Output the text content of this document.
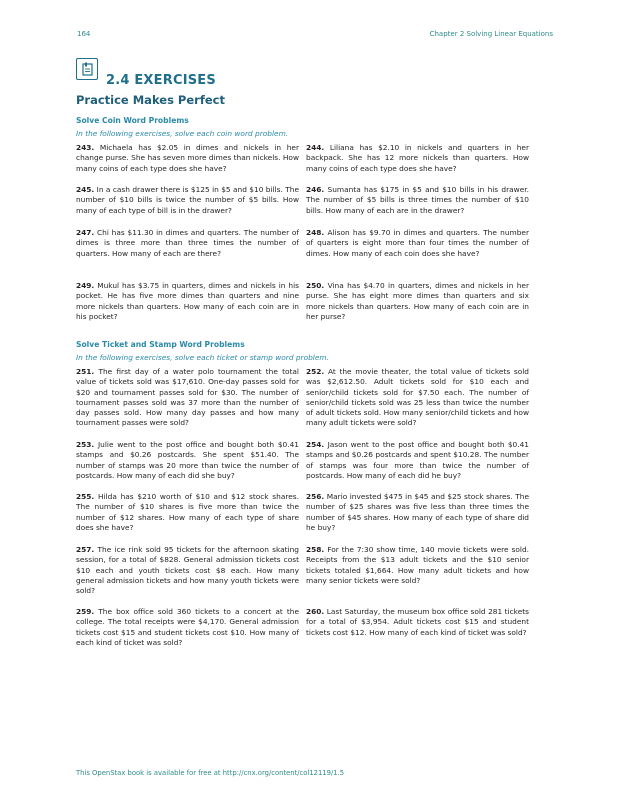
164	Chapter 2 Solving Linear Equations
2.4 EXERCISES
Practice Makes Perfect
Solve Coin Word Problems
In the following exercises, solve each coin word problem.
243. Michaela has $2.05 in dimes and nickels in her change purse. She has seven more dimes than nickels. How many coins of each type does she have?
244. Liliana has $2.10 in nickels and quarters in her backpack. She has 12 more nickels than quarters. How many coins of each type does she have?
245. In a cash drawer there is $125 in $5 and $10 bills. The number of $10 bills is twice the number of $5 bills. How many of each type of bill is in the drawer?
246. Sumanta has $175 in $5 and $10 bills in his drawer. The number of $5 bills is three times the number of $10 bills. How many of each are in the drawer?
247. Chi has $11.30 in dimes and quarters. The number of dimes is three more than three times the number of quarters. How many of each are there?
248. Alison has $9.70 in dimes and quarters. The number of quarters is eight more than four times the number of dimes. How many of each coin does she have?
249. Mukul has $3.75 in quarters, dimes and nickels in his pocket. He has five more dimes than quarters and nine more nickels than quarters. How many of each coin are in his pocket?
250. Vina has $4.70 in quarters, dimes and nickels in her purse. She has eight more dimes than quarters and six more nickels than quarters. How many of each coin are in her purse?
Solve Ticket and Stamp Word Problems
In the following exercises, solve each ticket or stamp word problem.
251. The first day of a water polo tournament the total value of tickets sold was $17,610. One-day passes sold for $20 and tournament passes sold for $30. The number of tournament passes sold was 37 more than the number of day passes sold. How many day passes and how many tournament passes were sold?
252. At the movie theater, the total value of tickets sold was $2,612.50. Adult tickets sold for $10 each and senior/child tickets sold for $7.50 each. The number of senior/child tickets sold was 25 less than twice the number of adult tickets sold. How many senior/child tickets and how many adult tickets were sold?
253. Julie went to the post office and bought both $0.41 stamps and $0.26 postcards. She spent $51.40. The number of stamps was 20 more than twice the number of postcards. How many of each did she buy?
254. Jason went to the post office and bought both $0.41 stamps and $0.26 postcards and spent $10.28. The number of stamps was four more than twice the number of postcards. How many of each did he buy?
255. Hilda has $210 worth of $10 and $12 stock shares. The number of $10 shares is five more than twice the number of $12 shares. How many of each type of share does she have?
256. Mario invested $475 in $45 and $25 stock shares. The number of $25 shares was five less than three times the number of $45 shares. How many of each type of share did he buy?
257. The ice rink sold 95 tickets for the afternoon skating session, for a total of $828. General admission tickets cost $10 each and youth tickets cost $8 each. How many general admission tickets and how many youth tickets were sold?
258. For the 7:30 show time, 140 movie tickets were sold. Receipts from the $13 adult tickets and the $10 senior tickets totaled $1,664. How many adult tickets and how many senior tickets were sold?
259. The box office sold 360 tickets to a concert at the college. The total receipts were $4,170. General admission tickets cost $15 and student tickets cost $10. How many of each kind of ticket was sold?
260. Last Saturday, the museum box office sold 281 tickets for a total of $3,954. Adult tickets cost $15 and student tickets cost $12. How many of each kind of ticket was sold?
This OpenStax book is available for free at http://cnx.org/content/col12119/1.5
